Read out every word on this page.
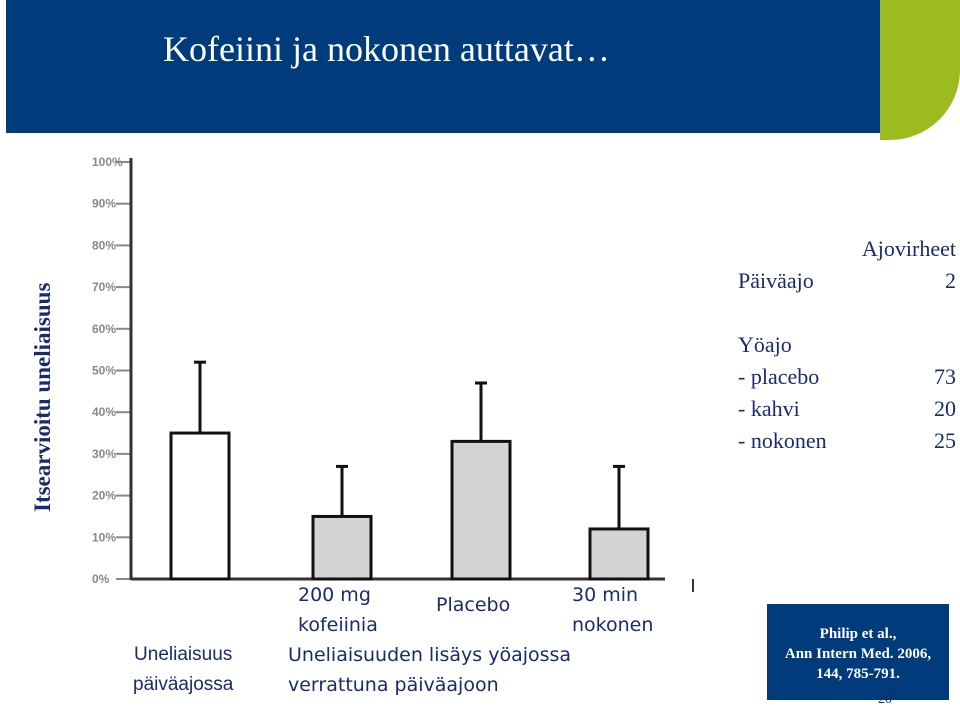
Kofeiini ja nokonen auttavat…
Itsearvioitu uneliaisuus
0%
10%
20%
30%
40%
50%
60%
70%
80%
90%
100%
Uneliaisuus
päiväajossa
200 mg
kofeiinia
Placebo	30 min
nokonen
Uneliaisuuden lisäys yöajossa
verrattuna päiväajoon
Ajovirheet
Päiväajo	2
Yöajo
- placebo	73
- kahvi	20
- nokonen	25
Philip et al.,
Ann Intern Med. 2006,
144, 785-791.
20
